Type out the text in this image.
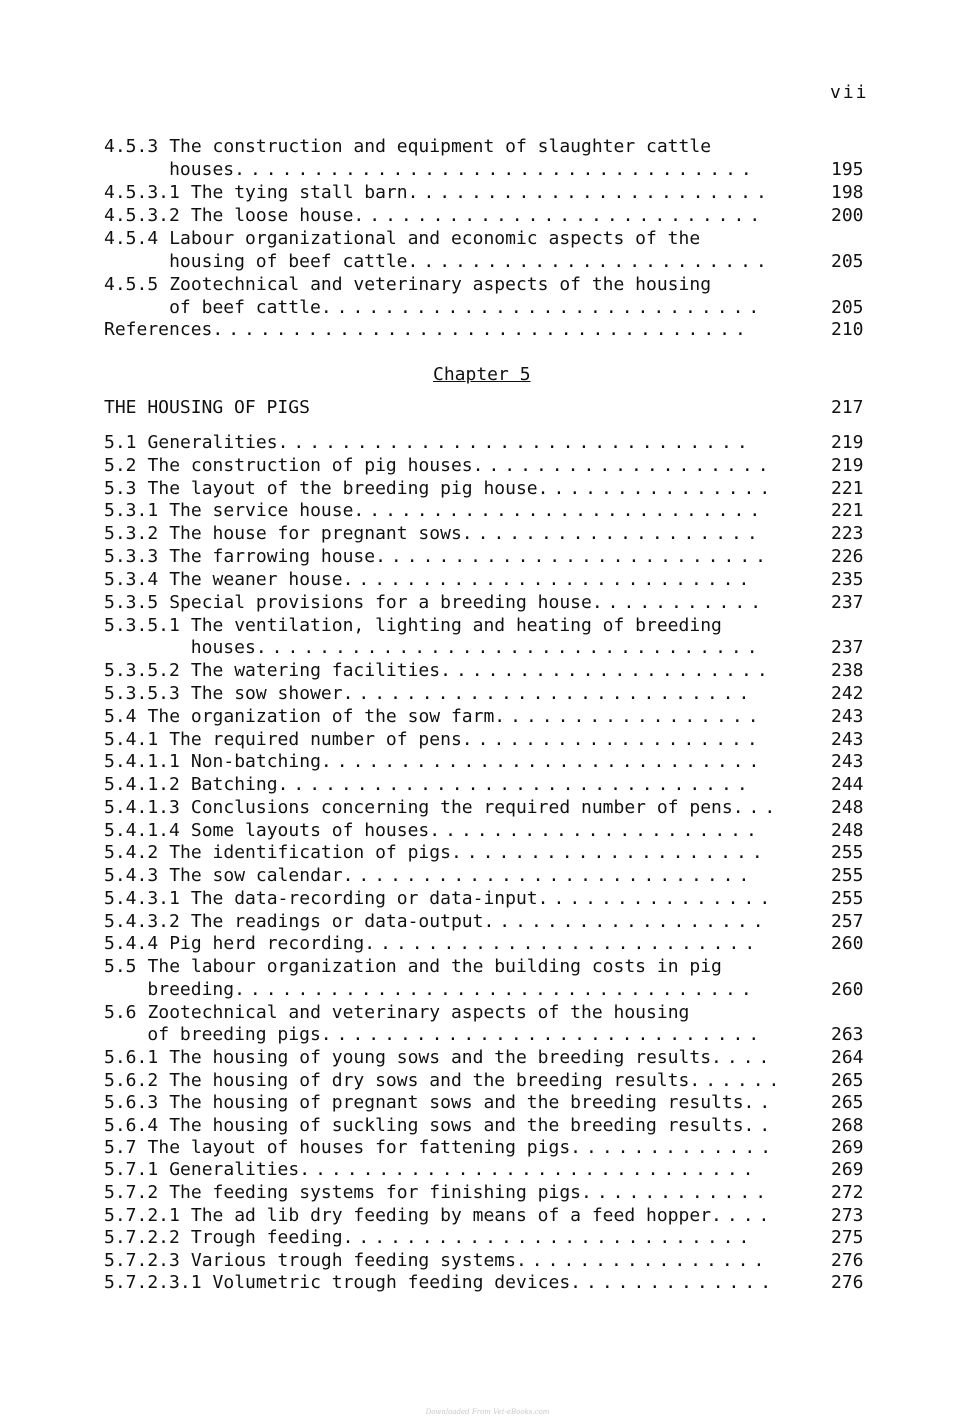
vii
Chapter 5
4.5.3 The construction and equipment of slaughter cattle
houses.................................	195
4.5.3.1 The tying stall barn.......................	198
4.5.3.2 The loose house..........................	200
4.5.4 Labour organizational and economic aspects of the
housing of beef cattle.......................	205
4.5.5 Zootechnical and veterinary aspects of the housing
of beef cattle............................	205
References..................................	210
THE HOUSING OF PIGS	217
5.1 Generalities..............................	219
5.2 The construction of pig houses...................	219
5.3 The layout of the breeding pig house...............	221
5.3.1 The service house..........................	221
5.3.2 The house for pregnant sows...................	223
5.3.3 The farrowing house.........................	226
5.3.4 The weaner house..........................	235
5.3.5 Special provisions for a breeding house...........	237
5.3.5.1 The ventilation, lighting and heating of breeding
houses................................	237
5.3.5.2 The watering facilities.....................	238
5.3.5.3 The sow shower..........................	242
5.4 The organization of the sow farm.................	243
5.4.1 The required number of pens...................	243
5.4.1.1 Non-batching............................	243
5.4.1.2 Batching..............................	244
5.4.1.3 Conclusions concerning the required number of pens...	248
5.4.1.4 Some layouts of houses.....................	248
5.4.2 The identification of pigs....................	255
5.4.3 The sow calendar..........................	255
5.4.3.1 The data-recording or data-input...............	255
5.4.3.2 The readings or data-output..................	257
5.4.4 Pig herd recording.........................	260
5.5 The labour organization and the building costs in pig
breeding.................................	260
5.6 Zootechnical and veterinary aspects of the housing
of breeding pigs............................	263
5.6.1 The housing of young sows and the breeding results....	264
5.6.2 The housing of dry sows and the breeding results......	265
5.6.3 The housing of pregnant sows and the breeding results..	265
5.6.4 The housing of suckling sows and the breeding results..	268
5.7 The layout of houses for fattening pigs.............	269
5.7.1 Generalities.............................	269
5.7.2 The feeding systems for finishing pigs............	272
5.7.2.1 The ad lib dry feeding by means of a feed hopper....	273
5.7.2.2 Trough feeding..........................	275
5.7.2.3 Various trough feeding systems................	276
5.7.2.3.1 Volumetric trough feeding devices.............	276
Downloaded From Vet-eBooks.com
